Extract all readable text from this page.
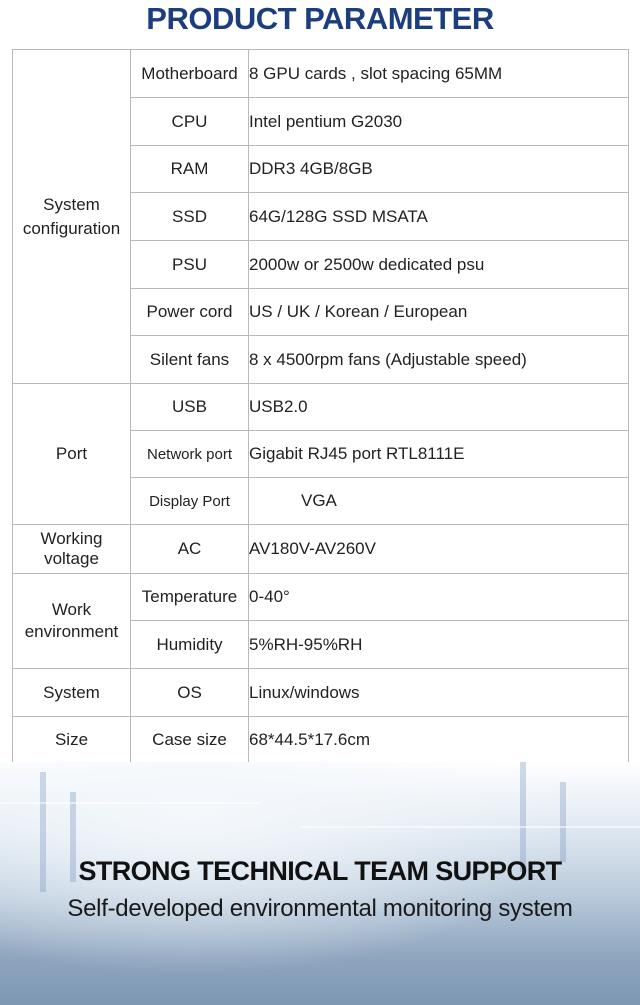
PRODUCT PARAMETER
System configuration	Motherboard	8 GPU cards , slot spacing 65MM
	CPU	Intel pentium G2030
	RAM	DDR3 4GB/8GB
	SSD	64G/128G SSD MSATA
	PSU	2000w or 2500w dedicated psu
	Power cord	US / UK / Korean / European
	Silent fans	8 x 4500rpm fans (Adjustable speed)
Port	USB	USB2.0
	Network port	Gigabit RJ45 port RTL8111E
	Display Port	VGA
Working voltage	AC	AV180V-AV260V
Work environment	Temperature	0-40°
	Humidity	5%RH-95%RH
System	OS	Linux/windows
Size	Case size	68*44.5*17.6cm
STRONG TECHNICAL TEAM SUPPORT
Self-developed environmental monitoring system
